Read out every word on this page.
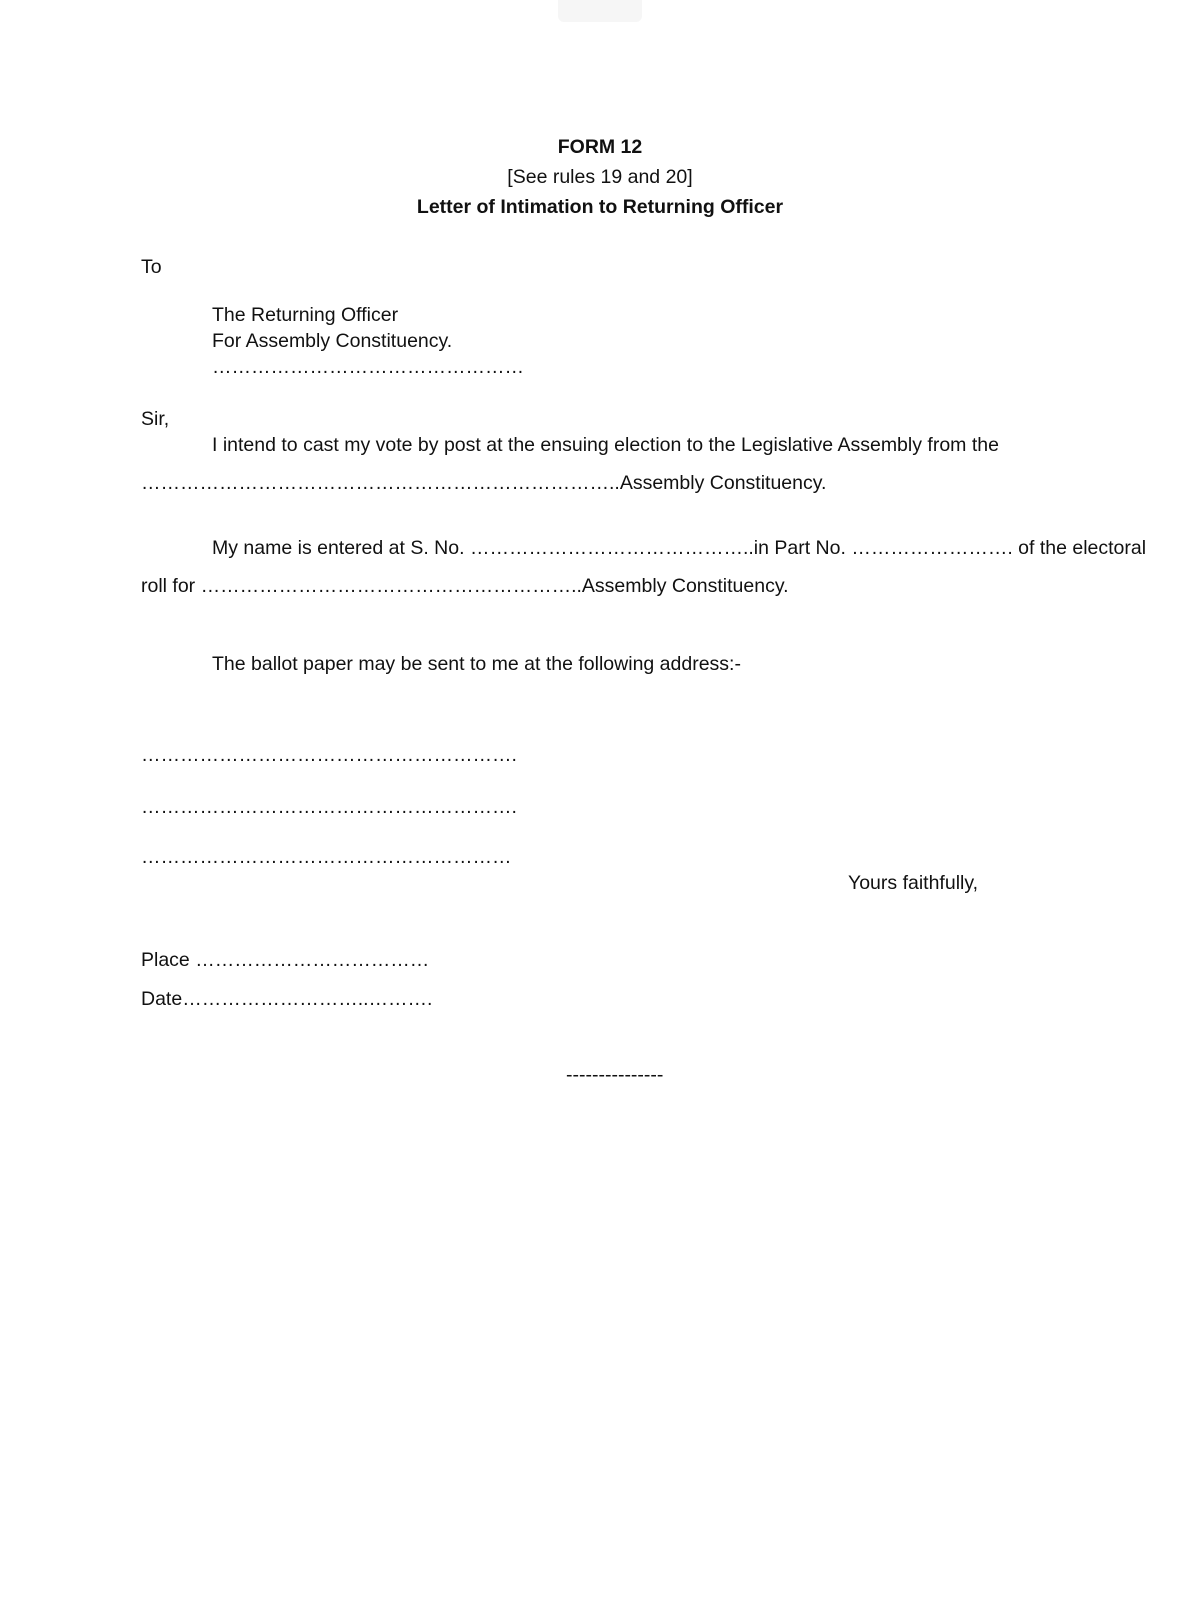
FORM 12
[See rules 19 and 20]
Letter of Intimation to Returning Officer
To
The Returning Officer
For Assembly Constituency.
…………………………………………
Sir,
I intend to cast my vote by post at the ensuing election to the Legislative Assembly from the
………………………………………………………………..Assembly Constituency.
My name is entered at S. No. ……………………………………..in Part No. ……………………. of the electoral
roll for …………………………………………………..Assembly Constituency.
The ballot paper may be sent to me at the following address:-
………………………………………………….
………………………………………………….
…………………………………………………
Yours faithfully,
Place ………………………………
Date………………………..……….
---------------
